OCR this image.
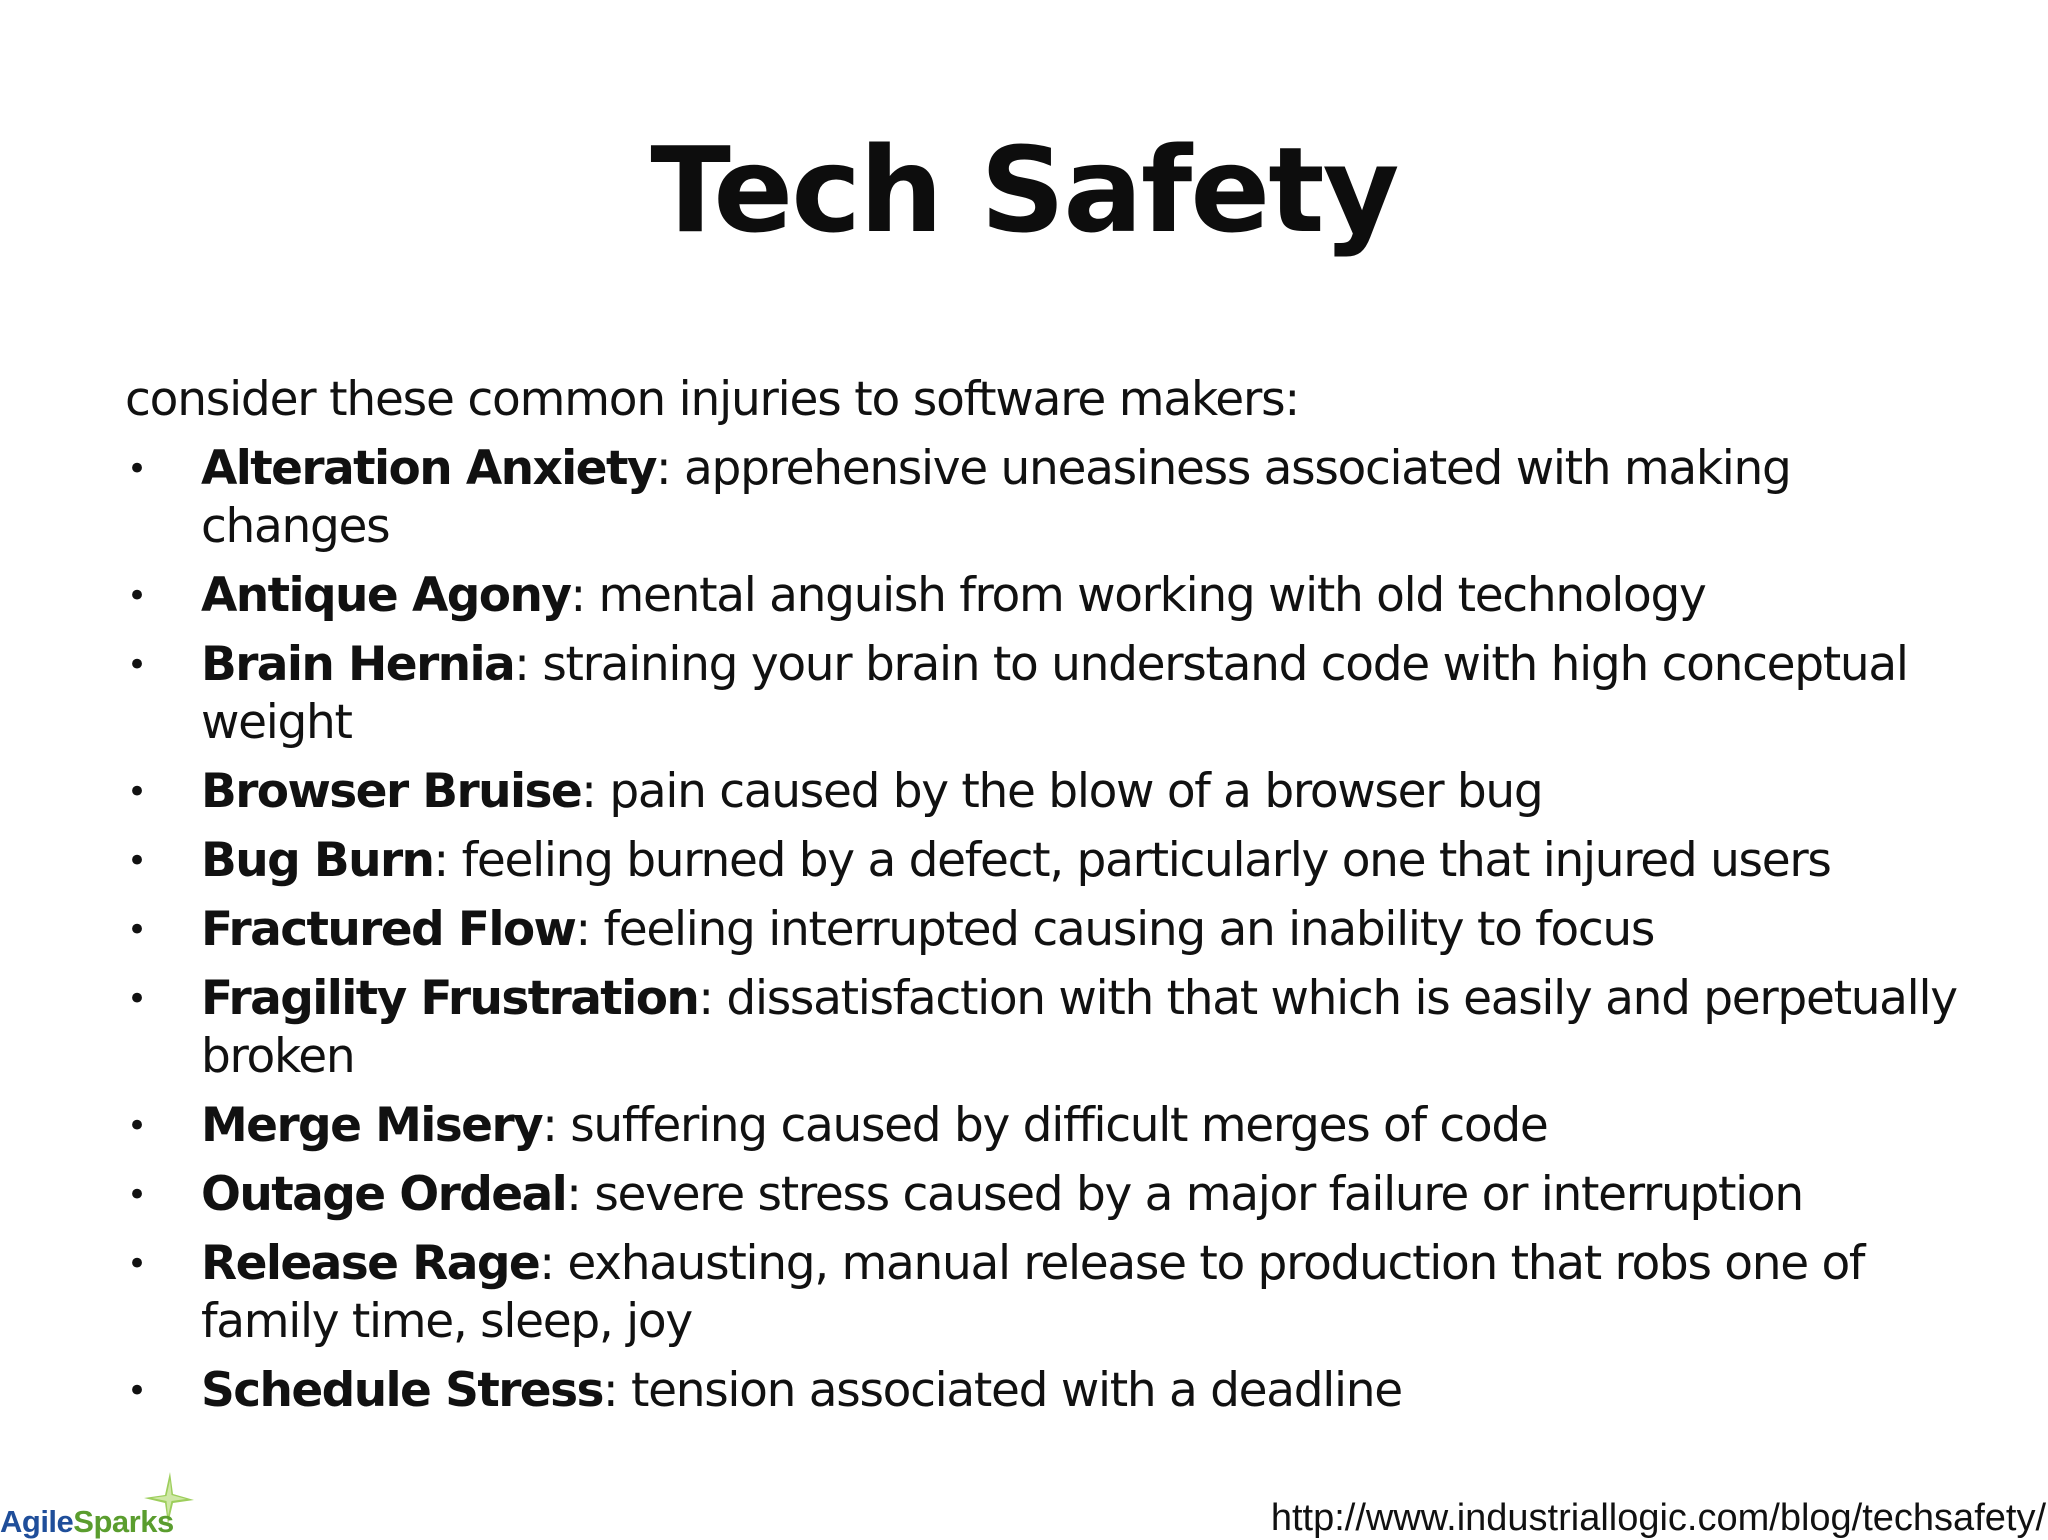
Tech Safety
consider these common injuries to software makers:
• Alteration Anxiety: apprehensive uneasiness associated with making changes
• Antique Agony: mental anguish from working with old technology
• Brain Hernia: straining your brain to understand code with high conceptual weight
• Browser Bruise: pain caused by the blow of a browser bug
• Bug Burn: feeling burned by a defect, particularly one that injured users
• Fractured Flow: feeling interrupted causing an inability to focus
• Fragility Frustration: dissatisfaction with that which is easily and perpetually broken
• Merge Misery: suffering caused by difficult merges of code
• Outage Ordeal: severe stress caused by a major failure or interruption
• Release Rage: exhausting, manual release to production that robs one of family time, sleep, joy
• Schedule Stress: tension associated with a deadline
AgileSparks	http://www.industriallogic.com/blog/techsafety/
